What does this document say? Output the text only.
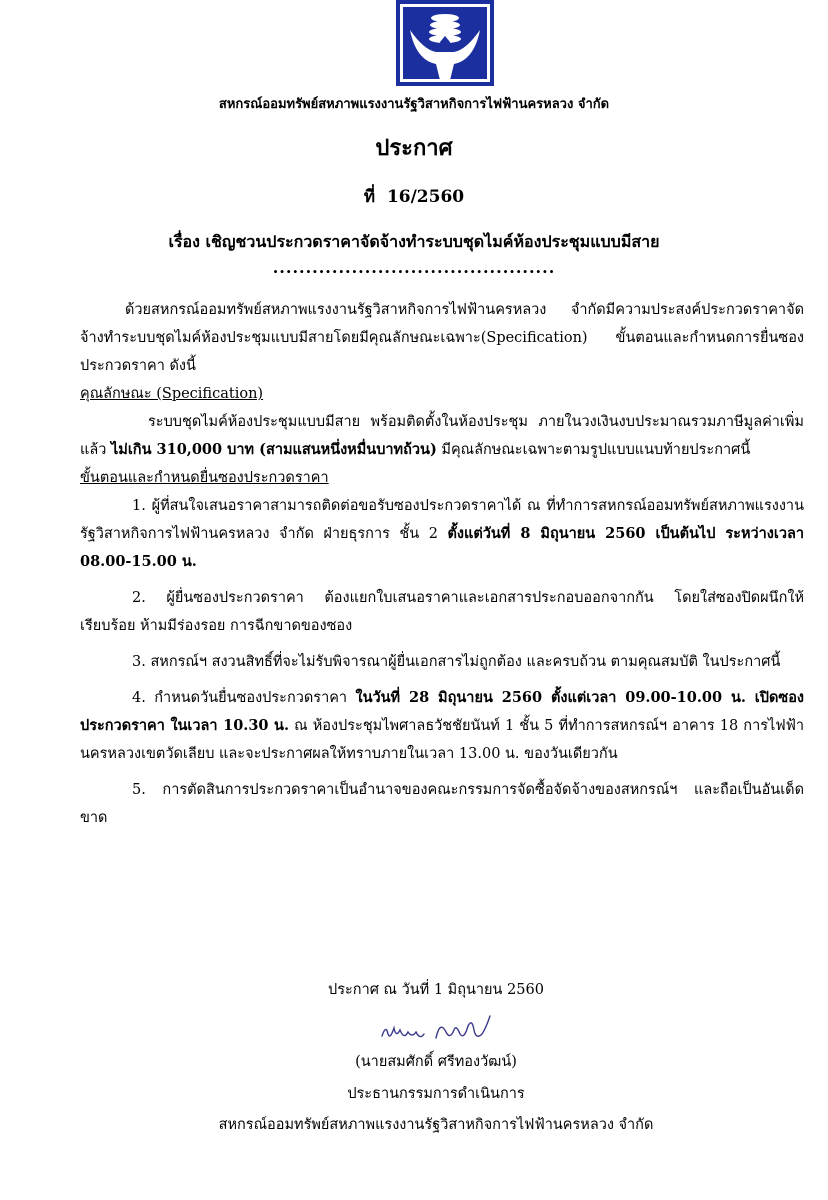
สหกรณ์ออมทรัพย์สหภาพแรงงานรัฐวิสาหกิจการไฟฟ้านครหลวง จำกัด
ประกาศ
ที่ 16/2560
เรื่อง เชิญชวนประกวดราคาจัดจ้างทำระบบชุดไมค์ห้องประชุมแบบมีสาย
...........................................

ด้วยสหกรณ์ออมทรัพย์สหภาพแรงงานรัฐวิสาหกิจการไฟฟ้านครหลวง จำกัดมีความประสงค์ประกวดราคาจัดจ้างทำระบบชุดไมค์ห้องประชุมแบบมีสายโดยมีคุณลักษณะเฉพาะ(Specification) ขั้นตอนและกำหนดการยื่นซองประกวดราคา ดังนี้

คุณลักษณะ (Specification)

ระบบชุดไมค์ห้องประชุมแบบมีสาย พร้อมติดตั้งในห้องประชุม ภายในวงเงินงบประมาณรวมภาษีมูลค่าเพิ่มแล้ว ไม่เกิน 310,000 บาท (สามแสนหนึ่งหมื่นบาทถ้วน) มีคุณลักษณะเฉพาะตามรูปแบบแนบท้ายประกาศนี้

ขั้นตอนและกำหนดยื่นซองประกวดราคา

1. ผู้ที่สนใจเสนอราคาสามารถติดต่อขอรับซองประกวดราคาได้ ณ ที่ทำการสหกรณ์ออมทรัพย์สหภาพแรงงานรัฐวิสาหกิจการไฟฟ้านครหลวง จำกัด ฝ่ายธุรการ ชั้น 2 ตั้งแต่วันที่ 8 มิถุนายน 2560 เป็นต้นไป ระหว่างเวลา 08.00-15.00 น.

2. ผู้ยื่นซองประกวดราคา ต้องแยกใบเสนอราคาและเอกสารประกอบออกจากกัน โดยใส่ซองปิดผนึกให้เรียบร้อย ห้ามมีร่องรอย การฉีกขาดของซอง

3. สหกรณ์ฯ สงวนสิทธิ์ที่จะไม่รับพิจารณาผู้ยื่นเอกสารไม่ถูกต้อง และครบถ้วน ตามคุณสมบัติ ในประกาศนี้

4. กำหนดวันยื่นซองประกวดราคา ในวันที่ 28 มิถุนายน 2560 ตั้งแต่เวลา 09.00-10.00 น. เปิดซองประกวดราคา ในเวลา 10.30 น. ณ ห้องประชุมไพศาลธวัชชัยนันท์ 1 ชั้น 5 ที่ทำการสหกรณ์ฯ อาคาร 18 การไฟฟ้านครหลวงเขตวัดเลียบ และจะประกาศผลให้ทราบภายในเวลา 13.00 น. ของวันเดียวกัน

5. การตัดสินการประกวดราคาเป็นอำนาจของคณะกรรมการจัดซื้อจัดจ้างของสหกรณ์ฯ และถือเป็นอันเด็ดขาด

ประกาศ ณ วันที่ 1 มิถุนายน 2560
(นายสมศักดิ์ ศรีทองวัฒน์)
ประธานกรรมการดำเนินการ
สหกรณ์ออมทรัพย์สหภาพแรงงานรัฐวิสาหกิจการไฟฟ้านครหลวง จำกัด
